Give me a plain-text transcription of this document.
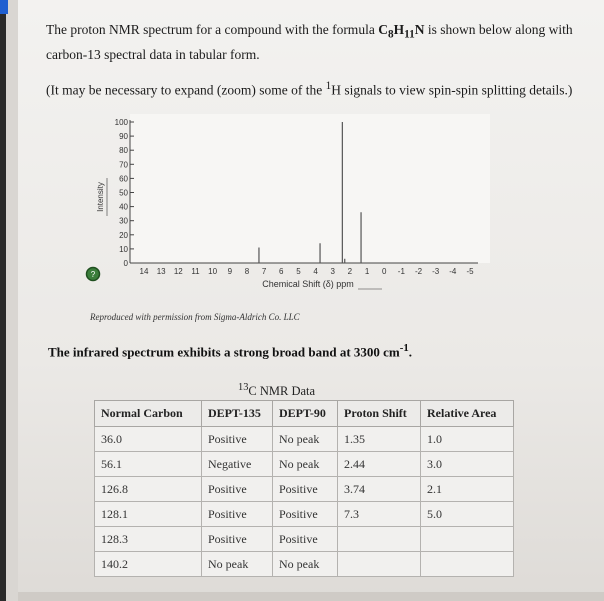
The proton NMR spectrum for a compound with the formula $C_8H_{11}N$ is shown below along with carbon-13 spectral data in tabular form.
(It may be necessary to expand (zoom) some of the $^1$H signals to view spin-spin splitting details.)
100
90
80
70
60
50
40
30
20
10
0
14 13 12 11 10 9 8 7 6 5 4 3 2 1 0 -1 -2 -3 -4 -5
Intensity
Chemical Shift (δ) ppm
?
Reproduced with permission from Sigma-Aldrich Co. LLC
The infrared spectrum exhibits a strong broad band at 3300 $cm^{-1}$.
$^{13}$C NMR Data
Normal Carbon	DEPT-135	DEPT-90	Proton Shift	Relative Area
36.0	Positive	No peak	1.35	1.0
56.1	Negative	No peak	2.44	3.0
126.8	Positive	Positive	3.74	2.1
128.1	Positive	Positive	7.3	5.0
128.3	Positive	Positive		
140.2	No peak	No peak		
